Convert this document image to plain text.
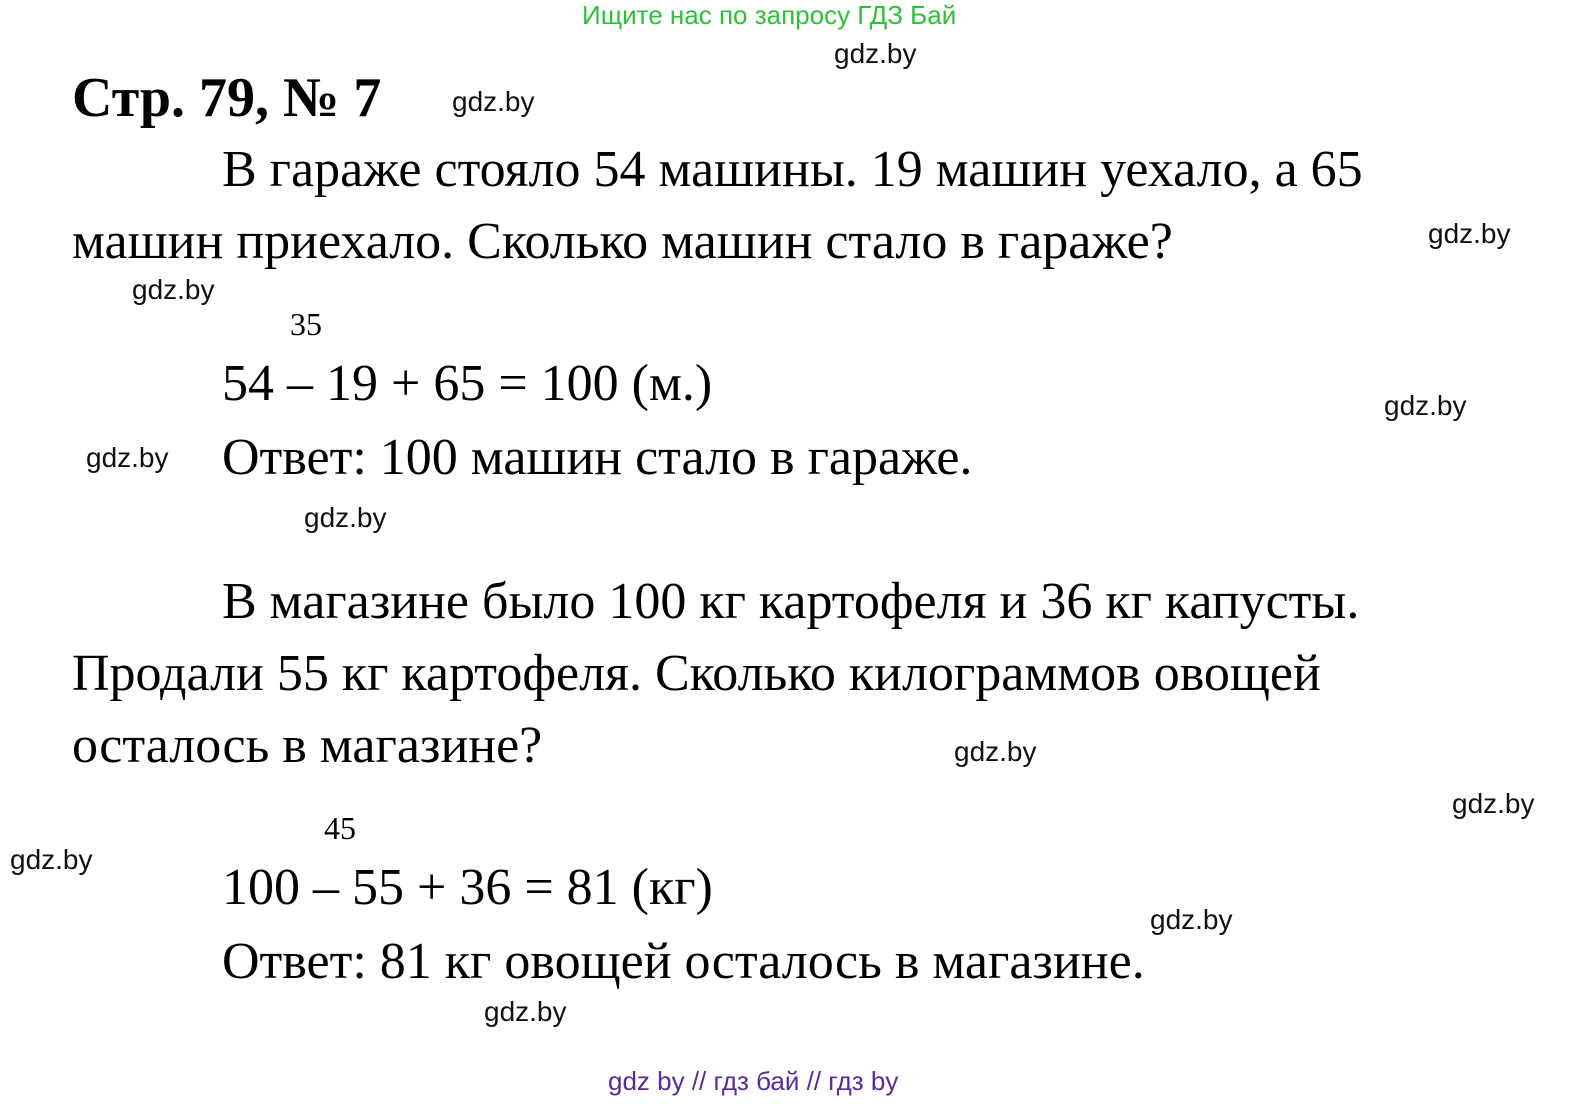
Ищите нас по запросу ГДЗ Бай
Стр. 79, № 7
В гараже стояло 54 машины. 19 машин уехало, а 65
машин приехало. Сколько машин стало в гараже?
35
54 – 19 + 65 = 100 (м.)
Ответ: 100 машин стало в гараже.
В магазине было 100 кг картофеля и 36 кг капусты.
Продали 55 кг картофеля. Сколько килограммов овощей
осталось в магазине?
45
100 – 55 + 36 = 81 (кг)
Ответ: 81 кг овощей осталось в магазине.
gdz.by
gdz.by
gdz.by
gdz.by
gdz.by
gdz.by
gdz.by
gdz.by
gdz.by
gdz.by
gdz.by
gdz.by
gdz by // гдз бай // гдз by
